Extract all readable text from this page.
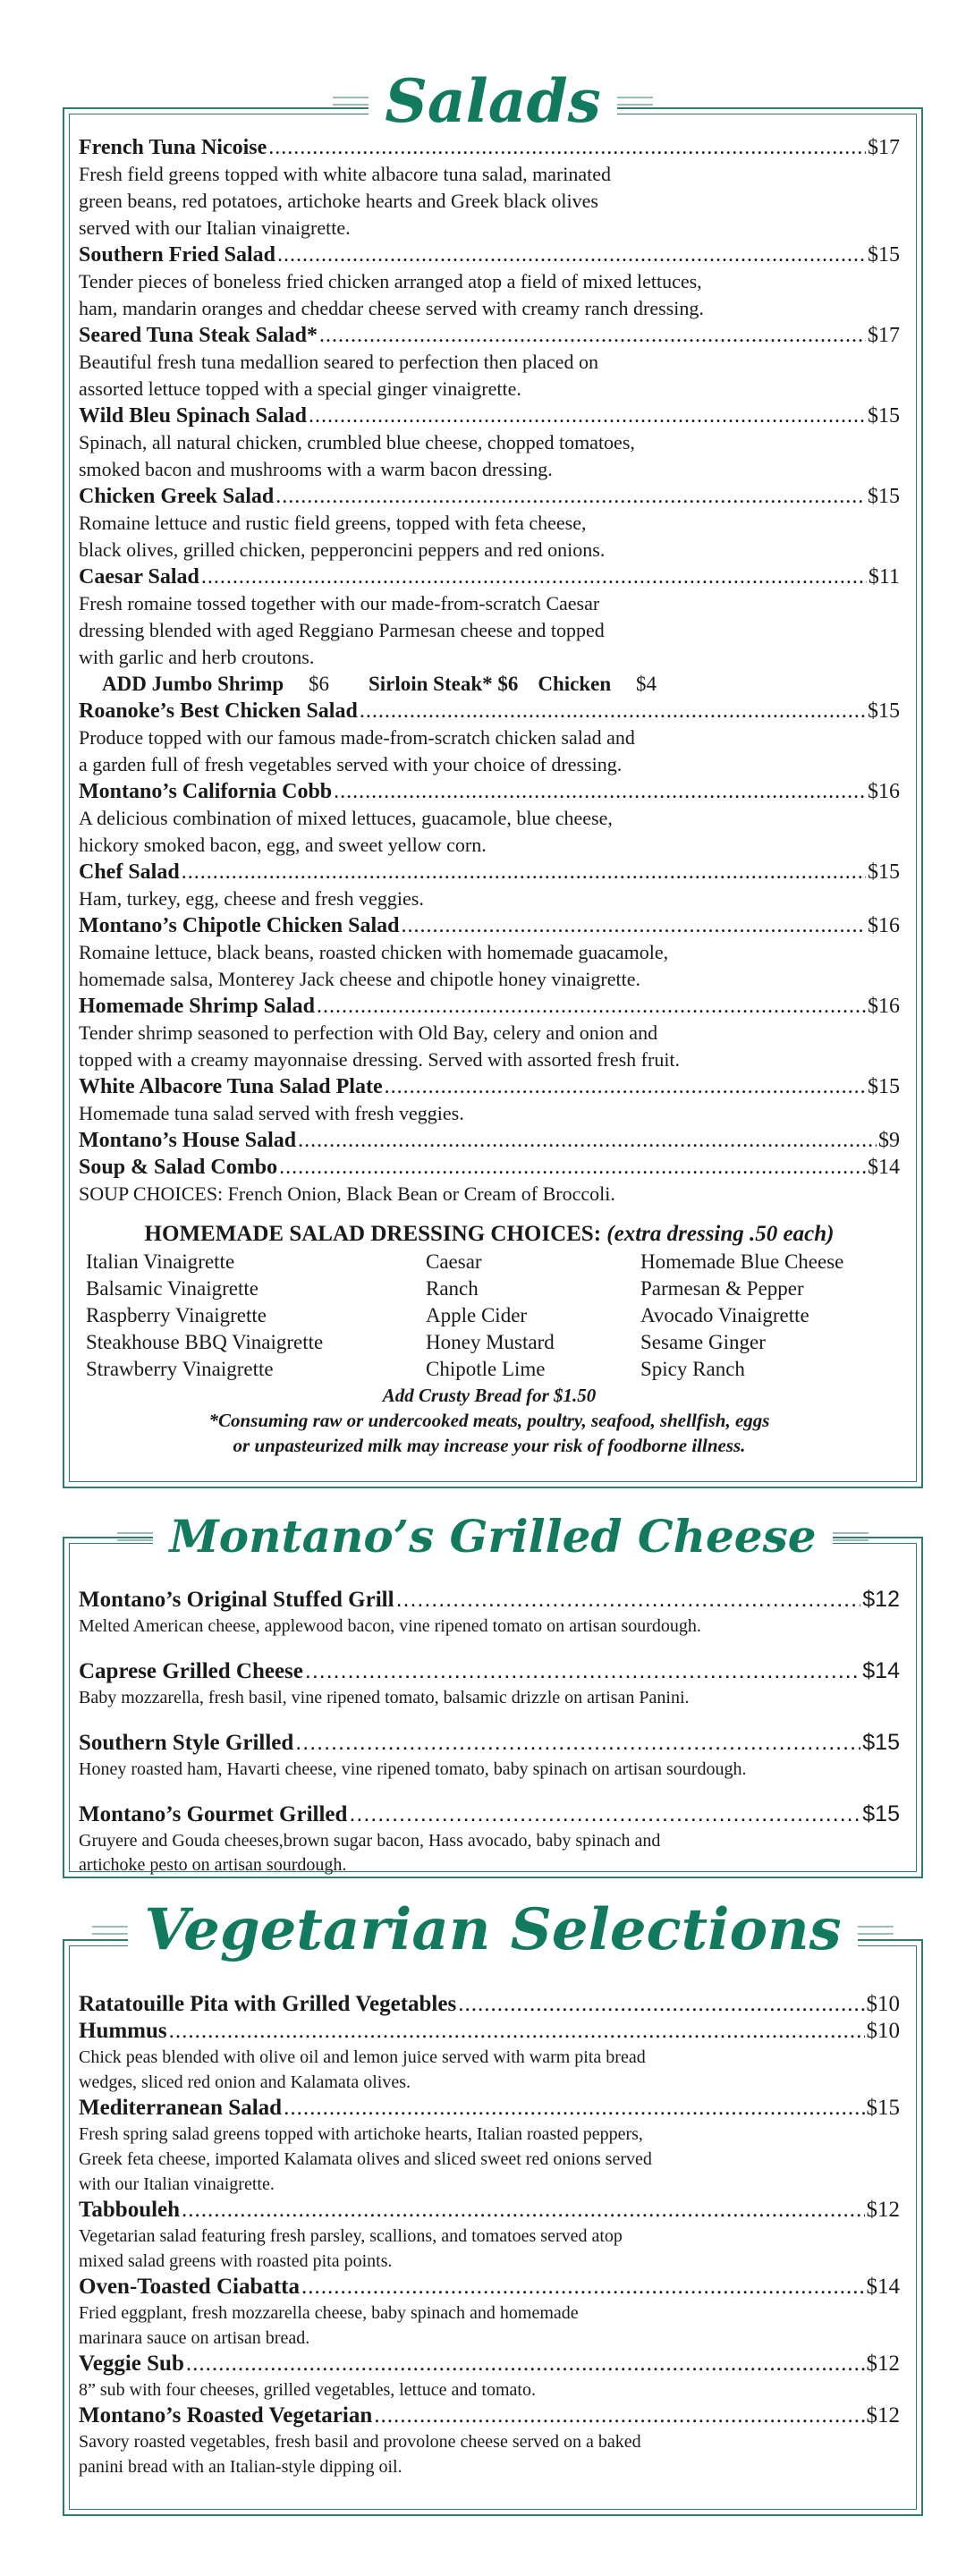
Salads
French Tuna Nicoise .....	$17

Fresh field greens topped with white albacore tuna salad, marinated
green beans, red potatoes, artichoke hearts and Greek black olives
served with our Italian vinaigrette.

Southern Fried Salad .....	$15

Tender pieces of boneless fried chicken arranged atop a field of mixed lettuces,
ham, mandarin oranges and cheddar cheese served with creamy ranch dressing.

Seared Tuna Steak Salad* .....	$17

Beautiful fresh tuna medallion seared to perfection then placed on
assorted lettuce topped with a special ginger vinaigrette.

Wild Bleu Spinach Salad .....	$15

Spinach, all natural chicken, crumbled blue cheese, chopped tomatoes,
smoked bacon and mushrooms with a warm bacon dressing.

Chicken Greek Salad .....	$15

Romaine lettuce and rustic field greens, topped with feta cheese,
black olives, grilled chicken, pepperoncini peppers and red onions.

Caesar Salad .....	$11

Fresh romaine tossed together with our made-from-scratch Caesar
dressing blended with aged Reggiano Parmesan cheese and topped
with garlic and herb croutons.

ADD Jumbo Shrimp $6 Sirloin Steak* $6 Chicken $4
Roanoke’s Best Chicken Salad .....	$15

Produce topped with our famous made-from-scratch chicken salad and
a garden full of fresh vegetables served with your choice of dressing.

Montano’s California Cobb .....	$16

A delicious combination of mixed lettuces, guacamole, blue cheese,
hickory smoked bacon, egg, and sweet yellow corn.

Chef Salad .....	$15

Ham, turkey, egg, cheese and fresh veggies.

Montano’s Chipotle Chicken Salad .....	$16

Romaine lettuce, black beans, roasted chicken with homemade guacamole,
homemade salsa, Monterey Jack cheese and chipotle honey vinaigrette.

Homemade Shrimp Salad .....	$16

Tender shrimp seasoned to perfection with Old Bay, celery and onion and
topped with a creamy mayonnaise dressing. Served with assorted fresh fruit.

White Albacore Tuna Salad Plate .....	$15

Homemade tuna salad served with fresh veggies.

Montano’s House Salad .....	$9
Soup & Salad Combo .....	$14

SOUP CHOICES: French Onion, Black Bean or Cream of Broccoli.

HOMEMADE SALAD DRESSING CHOICES: (extra dressing .50 each)
Italian Vinaigrette	Caesar	Homemade Blue Cheese
Balsamic Vinaigrette	Ranch	Parmesan & Pepper
Raspberry Vinaigrette	Apple Cider	Avocado Vinaigrette
Steakhouse BBQ Vinaigrette	Honey Mustard	Sesame Ginger
Strawberry Vinaigrette	Chipotle Lime	Spicy Ranch
Add Crusty Bread for $1.50
*Consuming raw or undercooked meats, poultry, seafood, shellfish, eggs
or unpasteurized milk may increase your risk of foodborne illness.
Montano’s Grilled Cheese
Montano’s Original Stuffed Grill .....	$12

Melted American cheese, applewood bacon, vine ripened tomato on artisan sourdough.

Caprese Grilled Cheese .....	$14

Baby mozzarella, fresh basil, vine ripened tomato, balsamic drizzle on artisan Panini.

Southern Style Grilled .....	$15

Honey roasted ham, Havarti cheese, vine ripened tomato, baby spinach on artisan sourdough.

Montano’s Gourmet Grilled .....	$15

Gruyere and Gouda cheeses,brown sugar bacon, Hass avocado, baby spinach and
artichoke pesto on artisan sourdough.

Vegetarian Selections
Ratatouille Pita with Grilled Vegetables .....	$10
Hummus .....	$10

Chick peas blended with olive oil and lemon juice served with warm pita bread
wedges, sliced red onion and Kalamata olives.

Mediterranean Salad .....	$15

Fresh spring salad greens topped with artichoke hearts, Italian roasted peppers,
Greek feta cheese, imported Kalamata olives and sliced sweet red onions served
with our Italian vinaigrette.

Tabbouleh .....	$12

Vegetarian salad featuring fresh parsley, scallions, and tomatoes served atop
mixed salad greens with roasted pita points.

Oven-Toasted Ciabatta .....	$14

Fried eggplant, fresh mozzarella cheese, baby spinach and homemade
marinara sauce on artisan bread.

Veggie Sub .....	$12

8” sub with four cheeses, grilled vegetables, lettuce and tomato.

Montano’s Roasted Vegetarian .....	$12

Savory roasted vegetables, fresh basil and provolone cheese served on a baked
panini bread with an Italian-style dipping oil.
